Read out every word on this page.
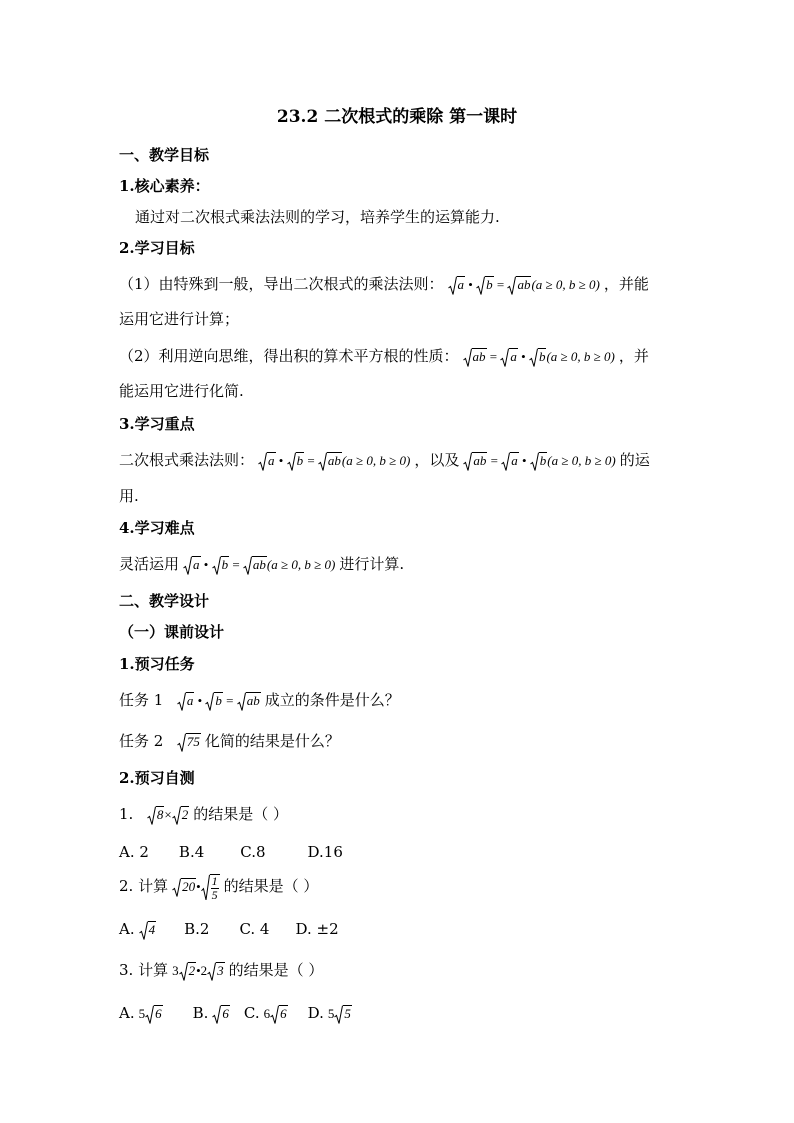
23.2 二次根式的乘除 第一课时
一、教学目标
1.核心素养：
通过对二次根式乘法法则的学习，培养学生的运算能力.
2.学习目标
（1）由特殊到一般，导出二次根式的乘法法则： a • b = ab (a ≥ 0, b ≥ 0) ，并能
运用它进行计算；
（2）利用逆向思维，得出积的算术平方根的性质： ab = a • b (a ≥ 0, b ≥ 0) ，并
能运用它进行化简.
3.学习重点
二次根式乘法法则： a • b = ab (a ≥ 0, b ≥ 0) ，以及 ab = a • b (a ≥ 0, b ≥ 0) 的运
用.
4.学习难点
灵活运用 a • b = ab (a ≥ 0, b ≥ 0) 进行计算.
二、教学设计
（一）课前设计
1.预习任务
任务 1 a • b = ab 成立的条件是什么？
任务 2 75 化简的结果是什么？
2.预习自测
1. 8 × 2 的结果是（ ）
A. 2 B.4 C.8	D.16
2. 计算 20 • $\frac{1}{5}$ 的结果是（ ）
A. 4 B.2 C. 4 D. ±2
3. 计算 3 2 •2 3 的结果是（ ）
A. 5 6 B. 6 C. 6 6 D. 5 5
